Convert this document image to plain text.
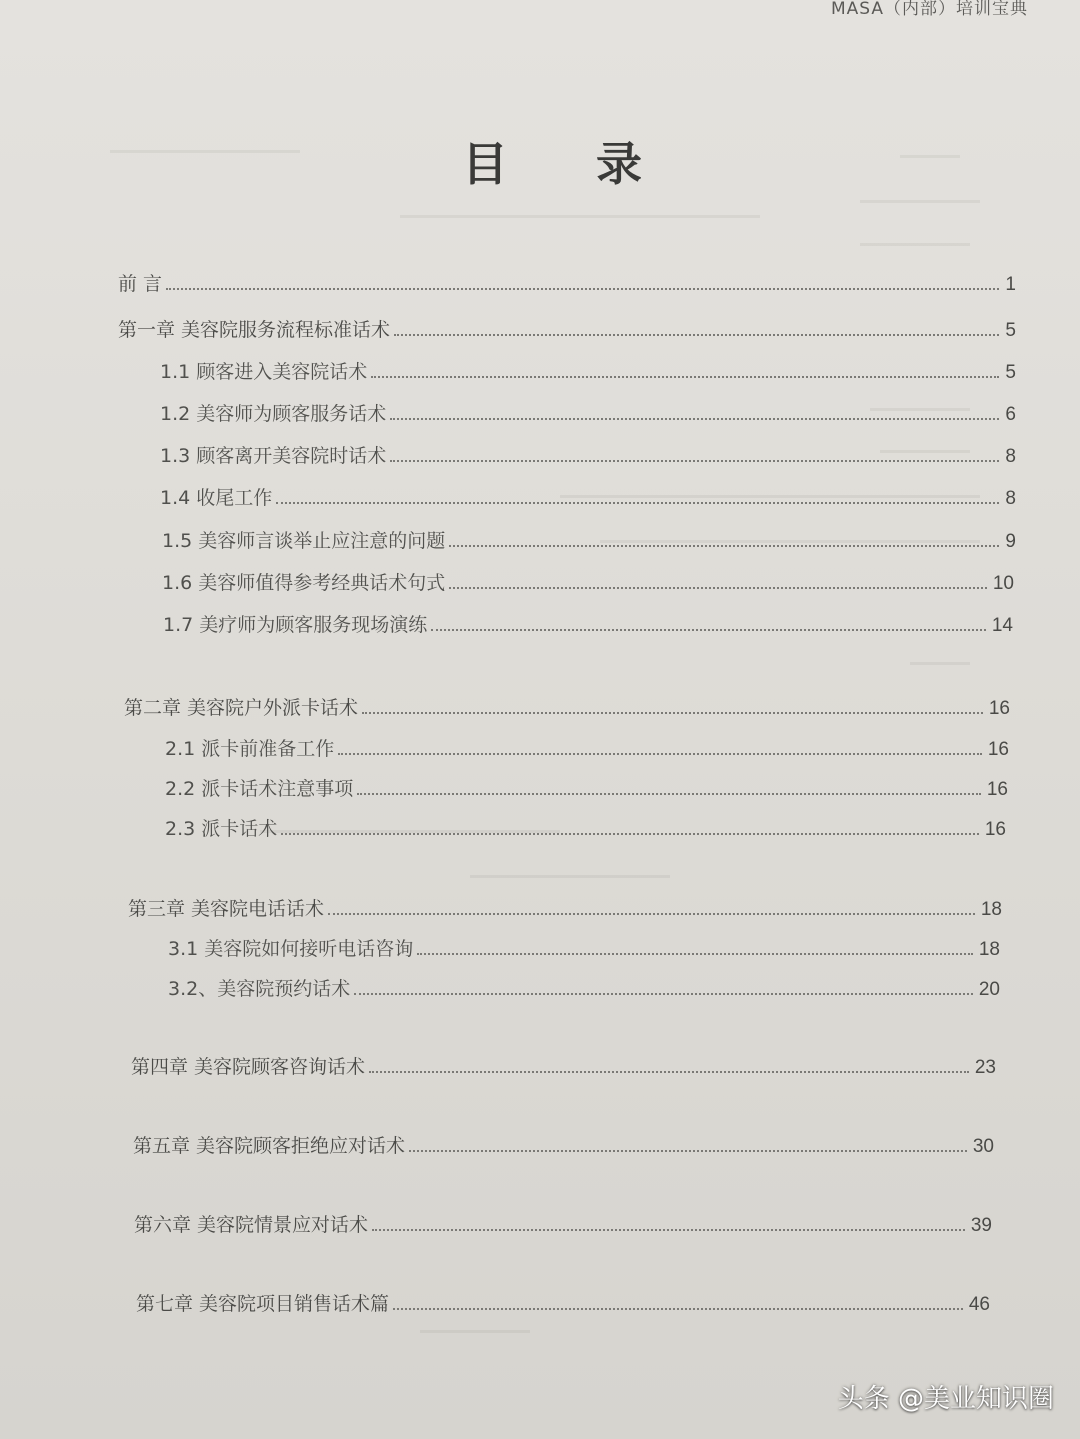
MASA（内部）培训宝典
目 录
前 言	1
第一章 美容院服务流程标准话术	5
1.1 顾客进入美容院话术	5
1.2 美容师为顾客服务话术	6
1.3 顾客离开美容院时话术	8
1.4 收尾工作	8
1.5 美容师言谈举止应注意的问题	9
1.6 美容师值得参考经典话术句式	10
1.7 美疗师为顾客服务现场演练	14
第二章 美容院户外派卡话术	16
2.1 派卡前准备工作	16
2.2 派卡话术注意事项	16
2.3 派卡话术	16
第三章 美容院电话话术	18
3.1 美容院如何接听电话咨询	18
3.2、美容院预约话术	20
第四章 美容院顾客咨询话术	23
第五章 美容院顾客拒绝应对话术	30
第六章 美容院情景应对话术	39
第七章 美容院项目销售话术篇	46
头条 @美业知识圈
